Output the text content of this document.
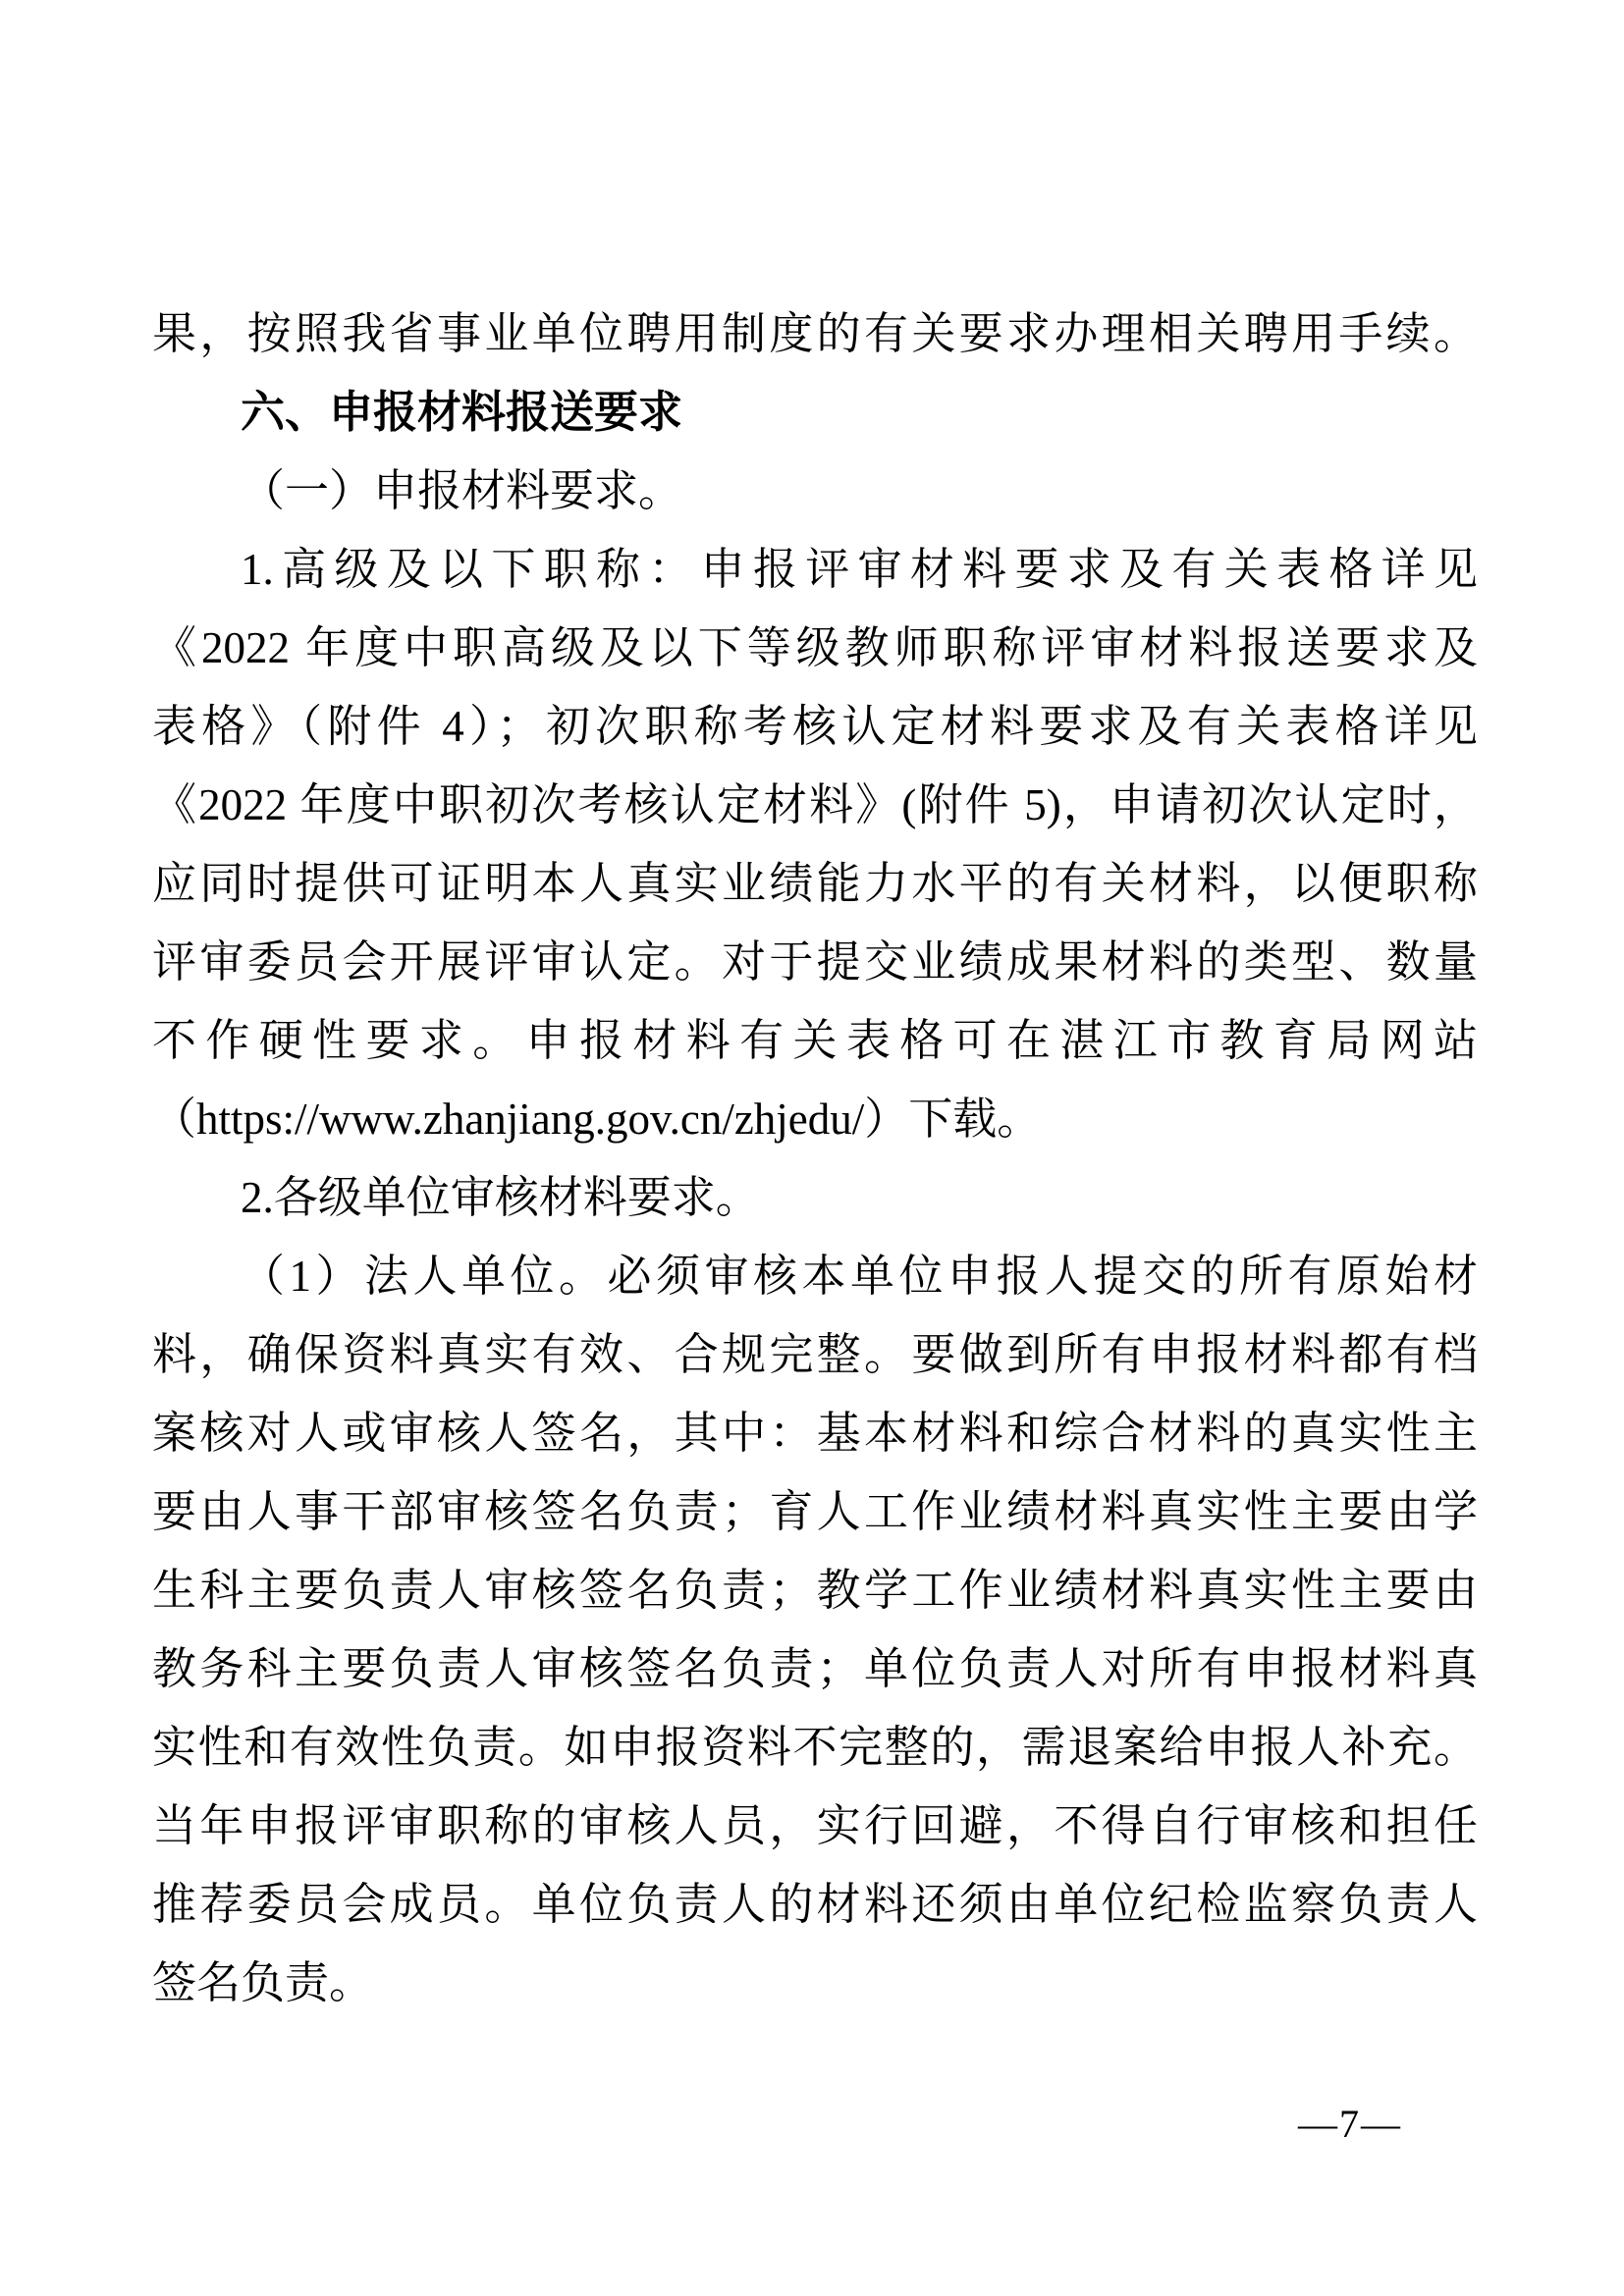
果，按照我省事业单位聘用制度的有关要求办理相关聘用手续。
六、申报材料报送要求
（一）申报材料要求。
1.高级及以下职称：申报评审材料要求及有关表格详见
《2022 年度中职高级及以下等级教师职称评审材料报送要求及
表格》（附件 4）；初次职称考核认定材料要求及有关表格详见
《2022 年度中职初次考核认定材料》(附件 5)，申请初次认定时，
应同时提供可证明本人真实业绩能力水平的有关材料，以便职称
评审委员会开展评审认定。对于提交业绩成果材料的类型、数量
不作硬性要求。申报材料有关表格可在湛江市教育局网站
（https://www.zhanjiang.gov.cn/zhjedu/）下载。
2.各级单位审核材料要求。
（1）法人单位。必须审核本单位申报人提交的所有原始材
料，确保资料真实有效、合规完整。要做到所有申报材料都有档
案核对人或审核人签名，其中：基本材料和综合材料的真实性主
要由人事干部审核签名负责；育人工作业绩材料真实性主要由学
生科主要负责人审核签名负责；教学工作业绩材料真实性主要由
教务科主要负责人审核签名负责；单位负责人对所有申报材料真
实性和有效性负责。如申报资料不完整的，需退案给申报人补充。
当年申报评审职称的审核人员，实行回避，不得自行审核和担任
推荐委员会成员。单位负责人的材料还须由单位纪检监察负责人
签名负责。
—7—
